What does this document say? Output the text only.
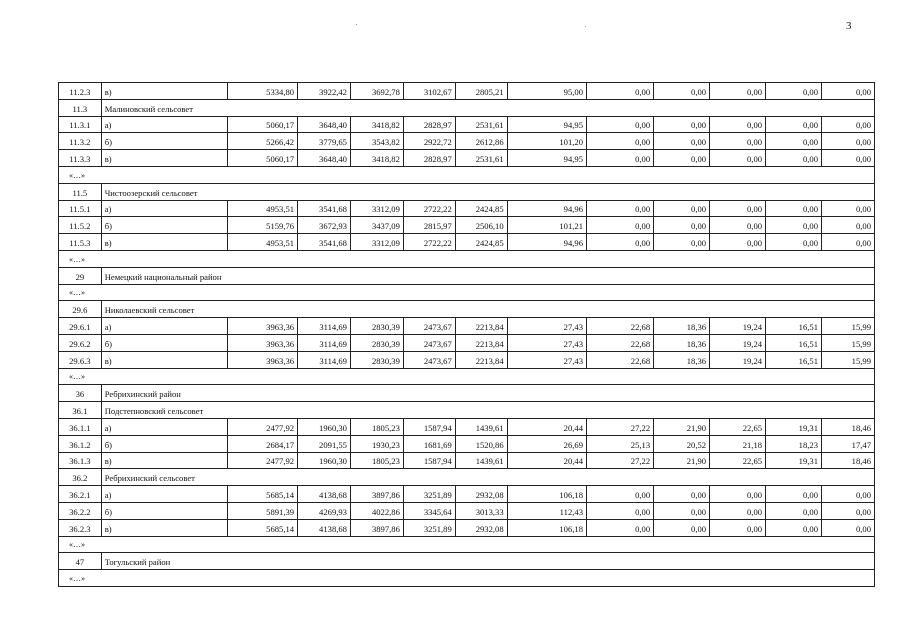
3
11.2.3	в)	5334,80	3922,42	3692,78	3102,67	2805,21	95,00	0,00	0,00	0,00	0,00	0,00
11.3	Малиновский сельсовет											
11.3.1	а)	5060,17	3648,40	3418,82	2828,97	2531,61	94,95	0,00	0,00	0,00	0,00	0,00
11.3.2	б)	5266,42	3779,65	3543,82	2922,72	2612,86	101,20	0,00	0,00	0,00	0,00	0,00
11.3.3	в)	5060,17	3648,40	3418,82	2828,97	2531,61	94,95	0,00	0,00	0,00	0,00	0,00
«…»												
11.5	Чистоозерский сельсовет											
11.5.1	а)	4953,51	3541,68	3312,09	2722,22	2424,85	94,96	0,00	0,00	0,00	0,00	0,00
11.5.2	б)	5159,76	3672,93	3437,09	2815,97	2506,10	101,21	0,00	0,00	0,00	0,00	0,00
11.5.3	в)	4953,51	3541,68	3312,09	2722,22	2424,85	94,96	0,00	0,00	0,00	0,00	0,00
«…»												
29	Немецкий национальный район											
«…»												
29.6	Николаевский сельсовет											
29.6.1	а)	3963,36	3114,69	2830,39	2473,67	2213,84	27,43	22,68	18,36	19,24	16,51	15,99
29.6.2	б)	3963,36	3114,69	2830,39	2473,67	2213,84	27,43	22,68	18,36	19,24	16,51	15,99
29.6.3	в)	3963,36	3114,69	2830,39	2473,67	2213,84	27,43	22,68	18,36	19,24	16,51	15,99
«…»												
36	Ребрихинский район											
36.1	Подстепновский сельсовет											
36.1.1	а)	2477,92	1960,30	1805,23	1587,94	1439,61	20,44	27,22	21,90	22,65	19,31	18,46
36.1.2	б)	2684,17	2091,55	1930,23	1681,69	1520,86	26,69	25,13	20,52	21,18	18,23	17,47
36.1.3	в)	2477,92	1960,30	1805,23	1587,94	1439,61	20,44	27,22	21,90	22,65	19,31	18,46
36.2	Ребрихинский сельсовет											
36.2.1	а)	5685,14	4138,68	3897,86	3251,89	2932,08	106,18	0,00	0,00	0,00	0,00	0,00
36.2.2	б)	5891,39	4269,93	4022,86	3345,64	3013,33	112,43	0,00	0,00	0,00	0,00	0,00
36.2.3	в)	5685,14	4138,68	3897,86	3251,89	2932,08	106,18	0,00	0,00	0,00	0,00	0,00
«…»												
47	Тогульский район											
«…»												
